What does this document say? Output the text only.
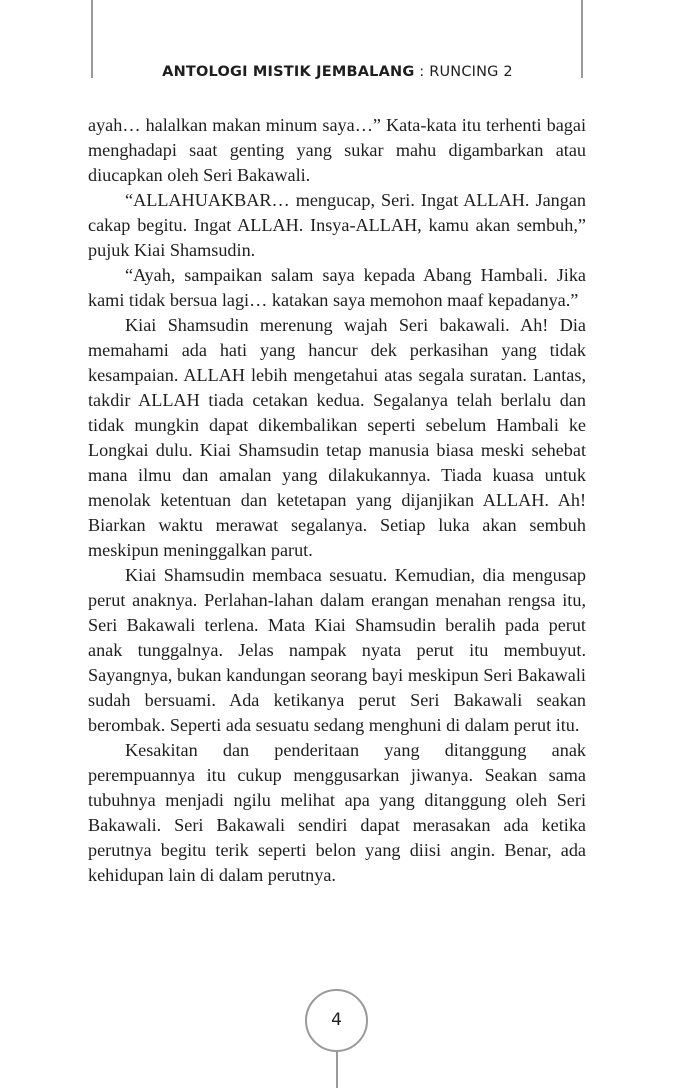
ANTOLOGI MISTIK JEMBALANG : RUNCING 2

ayah… halalkan makan minum saya…” Kata-kata itu terhenti bagai menghadapi saat genting yang sukar mahu digambarkan atau diucapkan oleh Seri Bakawali.

“ALLAHUAKBAR… mengucap, Seri. Ingat ALLAH. Jangan cakap begitu. Ingat ALLAH. Insya-ALLAH, kamu akan sembuh,” pujuk Kiai Shamsudin.

“Ayah, sampaikan salam saya kepada Abang Hambali. Jika kami tidak bersua lagi… katakan saya memohon maaf kepadanya.”

Kiai Shamsudin merenung wajah Seri bakawali. Ah! Dia memahami ada hati yang hancur dek perkasihan yang tidak kesampaian. ALLAH lebih mengetahui atas segala suratan. Lantas, takdir ALLAH tiada cetakan kedua. Segalanya telah berlalu dan tidak mungkin dapat dikembalikan seperti sebelum Hambali ke Longkai dulu. Kiai Shamsudin tetap manusia biasa meski sehebat mana ilmu dan amalan yang dilakukannya. Tiada kuasa untuk menolak ketentuan dan ketetapan yang dijanjikan ALLAH. Ah! Biarkan waktu merawat segalanya. Setiap luka akan sembuh meskipun meninggalkan parut.

Kiai Shamsudin membaca sesuatu. Kemudian, dia mengusap perut anaknya. Perlahan-lahan dalam erangan menahan rengsa itu, Seri Bakawali terlena. Mata Kiai Shamsudin beralih pada perut anak tunggalnya. Jelas nampak nyata perut itu membuyut. Sayangnya, bukan kandungan seorang bayi meskipun Seri Bakawali sudah bersuami. Ada ketikanya perut Seri Bakawali seakan berombak. Seperti ada sesuatu sedang menghuni di dalam perut itu.

Kesakitan dan penderitaan yang ditanggung anak perempuannya itu cukup menggusarkan jiwanya. Seakan sama tubuhnya menjadi ngilu melihat apa yang ditanggung oleh Seri Bakawali. Seri Bakawali sendiri dapat merasakan ada ketika perutnya begitu terik seperti belon yang diisi angin. Benar, ada kehidupan lain di dalam perutnya.

4
